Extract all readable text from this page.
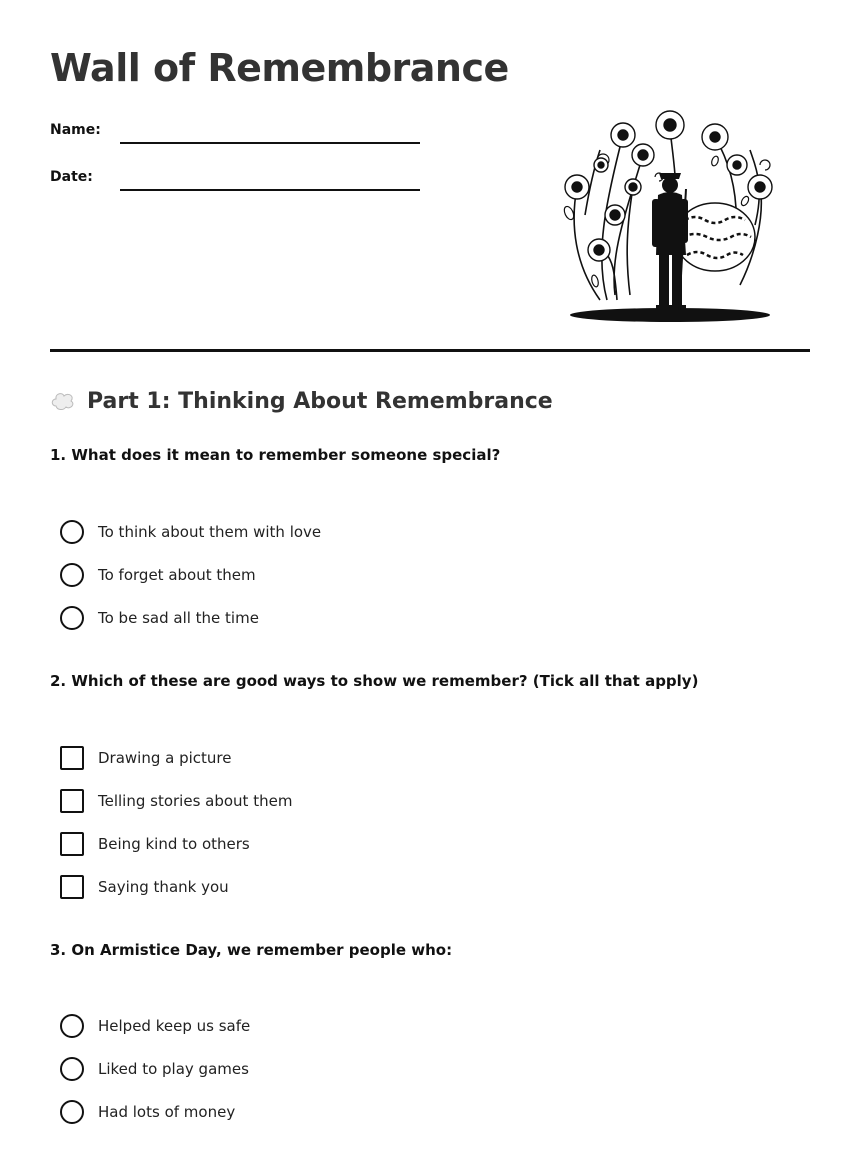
Wall of Remembrance
Name:
Date:
Part 1: Thinking About Remembrance

1. What does it mean to remember someone special?

To think about them with love
To forget about them
To be sad all the time

2. Which of these are good ways to show we remember? (Tick all that apply)

Drawing a picture
Telling stories about them
Being kind to others
Saying thank you

3. On Armistice Day, we remember people who:

Helped keep us safe
Liked to play games
Had lots of money
